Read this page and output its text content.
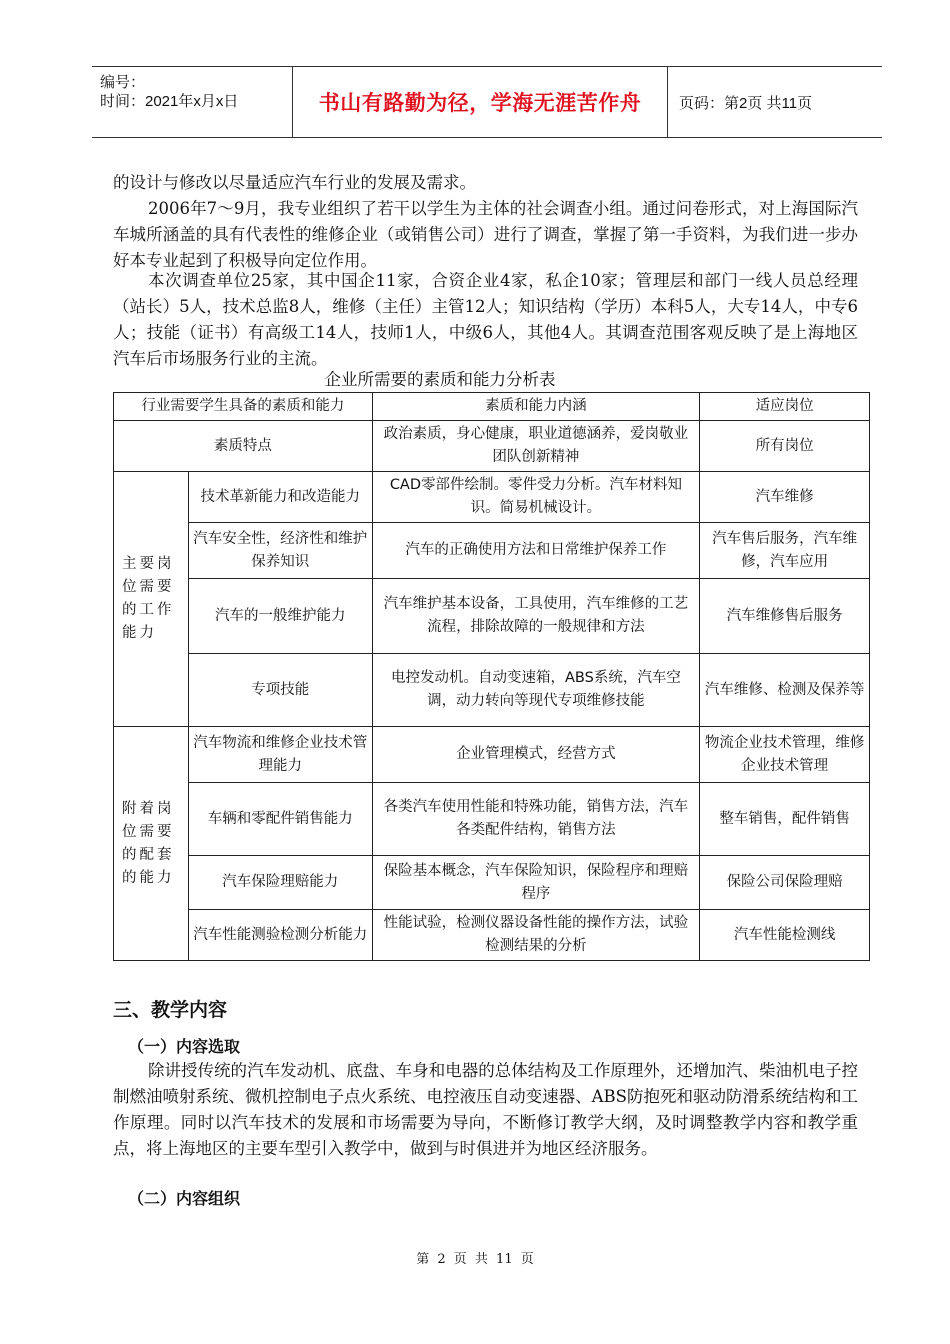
编号：
时间：2021年x月x日	书山有路勤为径，学海无涯苦作舟	页码：第2页 共11页
的设计与修改以尽量适应汽车行业的发展及需求。
2006年7～9月，我专业组织了若干以学生为主体的社会调查小组。通过问卷形式，对上海国际汽车城所涵盖的具有代表性的维修企业（或销售公司）进行了调查，掌握了第一手资料，为我们进一步办好本专业起到了积极导向定位作用。
本次调查单位25家，其中国企11家，合资企业4家，私企10家；管理层和部门一线人员总经理（站长）5人，技术总监8人，维修（主任）主管12人；知识结构（学历）本科5人，大专14人，中专6人；技能（证书）有高级工14人，技师1人，中级6人，其他4人。其调查范围客观反映了是上海地区汽车后市场服务行业的主流。
企业所需要的素质和能力分析表
行业需要学生具备的素质和能力		素质和能力内涵	适应岗位
素质特点		政治素质，身心健康，职业道德涵养，爱岗敬业团队创新精神	所有岗位
主要岗位需要的工作能力	技术革新能力和改造能力	CAD零部件绘制。零件受力分析。汽车材料知识。简易机械设计。	汽车维修
	汽车安全性，经济性和维护保养知识	汽车的正确使用方法和日常维护保养工作	汽车售后服务，汽车维修，汽车应用
	汽车的一般维护能力	汽车维护基本设备，工具使用，汽车维修的工艺流程，排除故障的一般规律和方法	汽车维修售后服务
	专项技能	电控发动机。自动变速箱，ABS系统，汽车空调，动力转向等现代专项维修技能	汽车维修、检测及保养等
附着岗位需要的配套的能力	汽车物流和维修企业技术管理能力	企业管理模式，经营方式	物流企业技术管理，维修企业技术管理
	车辆和零配件销售能力	各类汽车使用性能和特殊功能，销售方法，汽车各类配件结构，销售方法	整车销售，配件销售
	汽车保险理赔能力	保险基本概念，汽车保险知识，保险程序和理赔程序	保险公司保险理赔
	汽车性能测验检测分析能力	性能试验，检测仪器设备性能的操作方法，试验检测结果的分析	汽车性能检测线
三、教学内容
（一）内容选取
除讲授传统的汽车发动机、底盘、车身和电器的总体结构及工作原理外，还增加汽、柴油机电子控制燃油喷射系统、微机控制电子点火系统、电控液压自动变速器、ABS防抱死和驱动防滑系统结构和工作原理。同时以汽车技术的发展和市场需要为导向，不断修订教学大纲，及时调整教学内容和教学重点，将上海地区的主要车型引入教学中，做到与时俱进并为地区经济服务。
（二）内容组织
第 2 页 共 11 页
